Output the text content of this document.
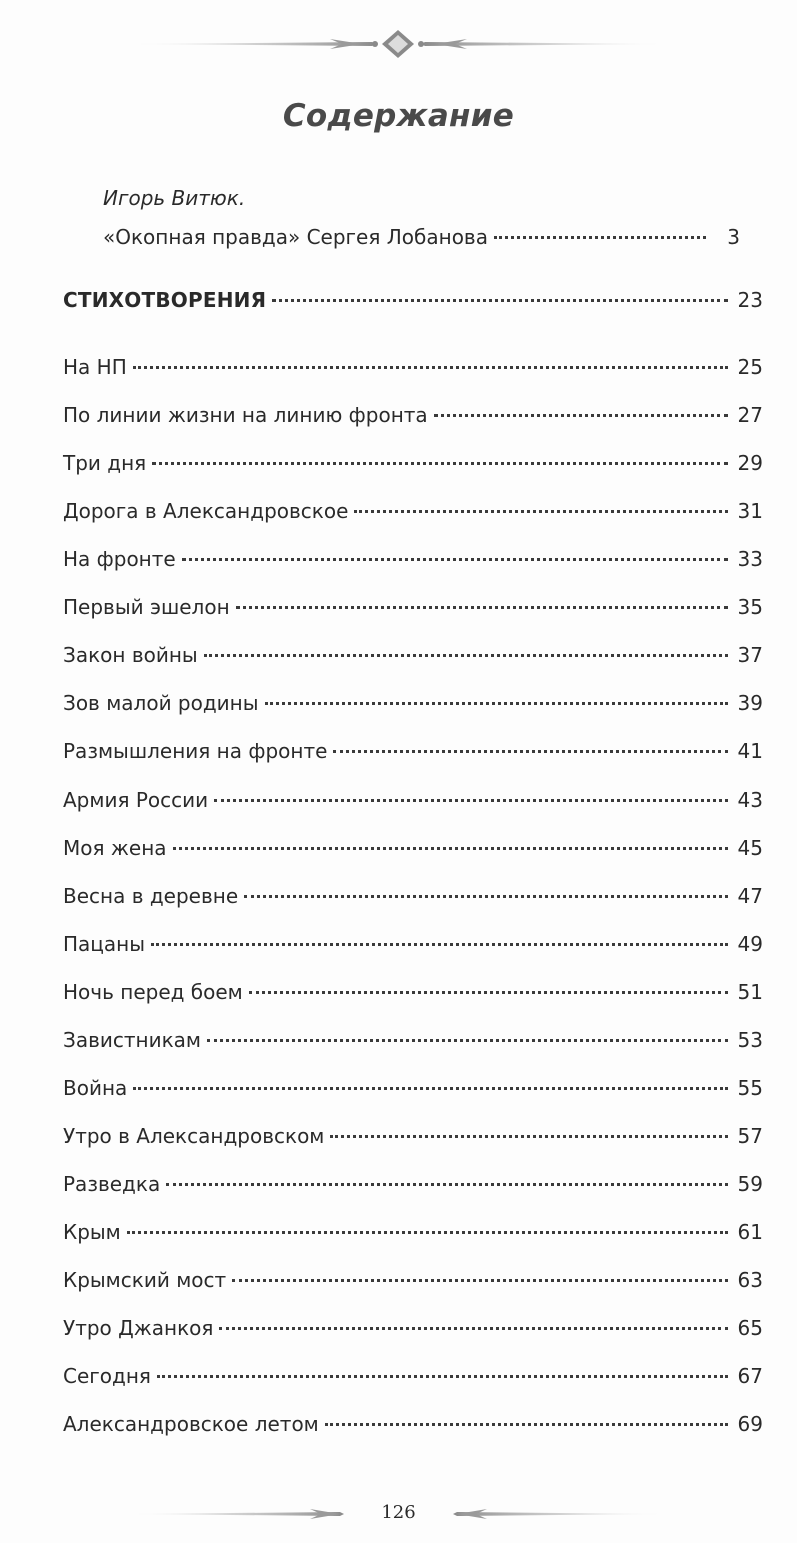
Содержание
Игорь Витюк.
«Окопная правда» Сергея Лобанова	3
СТИХОТВОРЕНИЯ	23
На НП	25
По линии жизни на линию фронта	27
Три дня	29
Дорога в Александровское	31
На фронте	33
Первый эшелон	35
Закон войны	37
Зов малой родины	39
Размышления на фронте	41
Армия России	43
Моя жена	45
Весна в деревне	47
Пацаны	49
Ночь перед боем	51
Завистникам	53
Война	55
Утро в Александровском	57
Разведка	59
Крым	61
Крымский мост	63
Утро Джанкоя	65
Сегодня	67
Александровское летом	69
126
